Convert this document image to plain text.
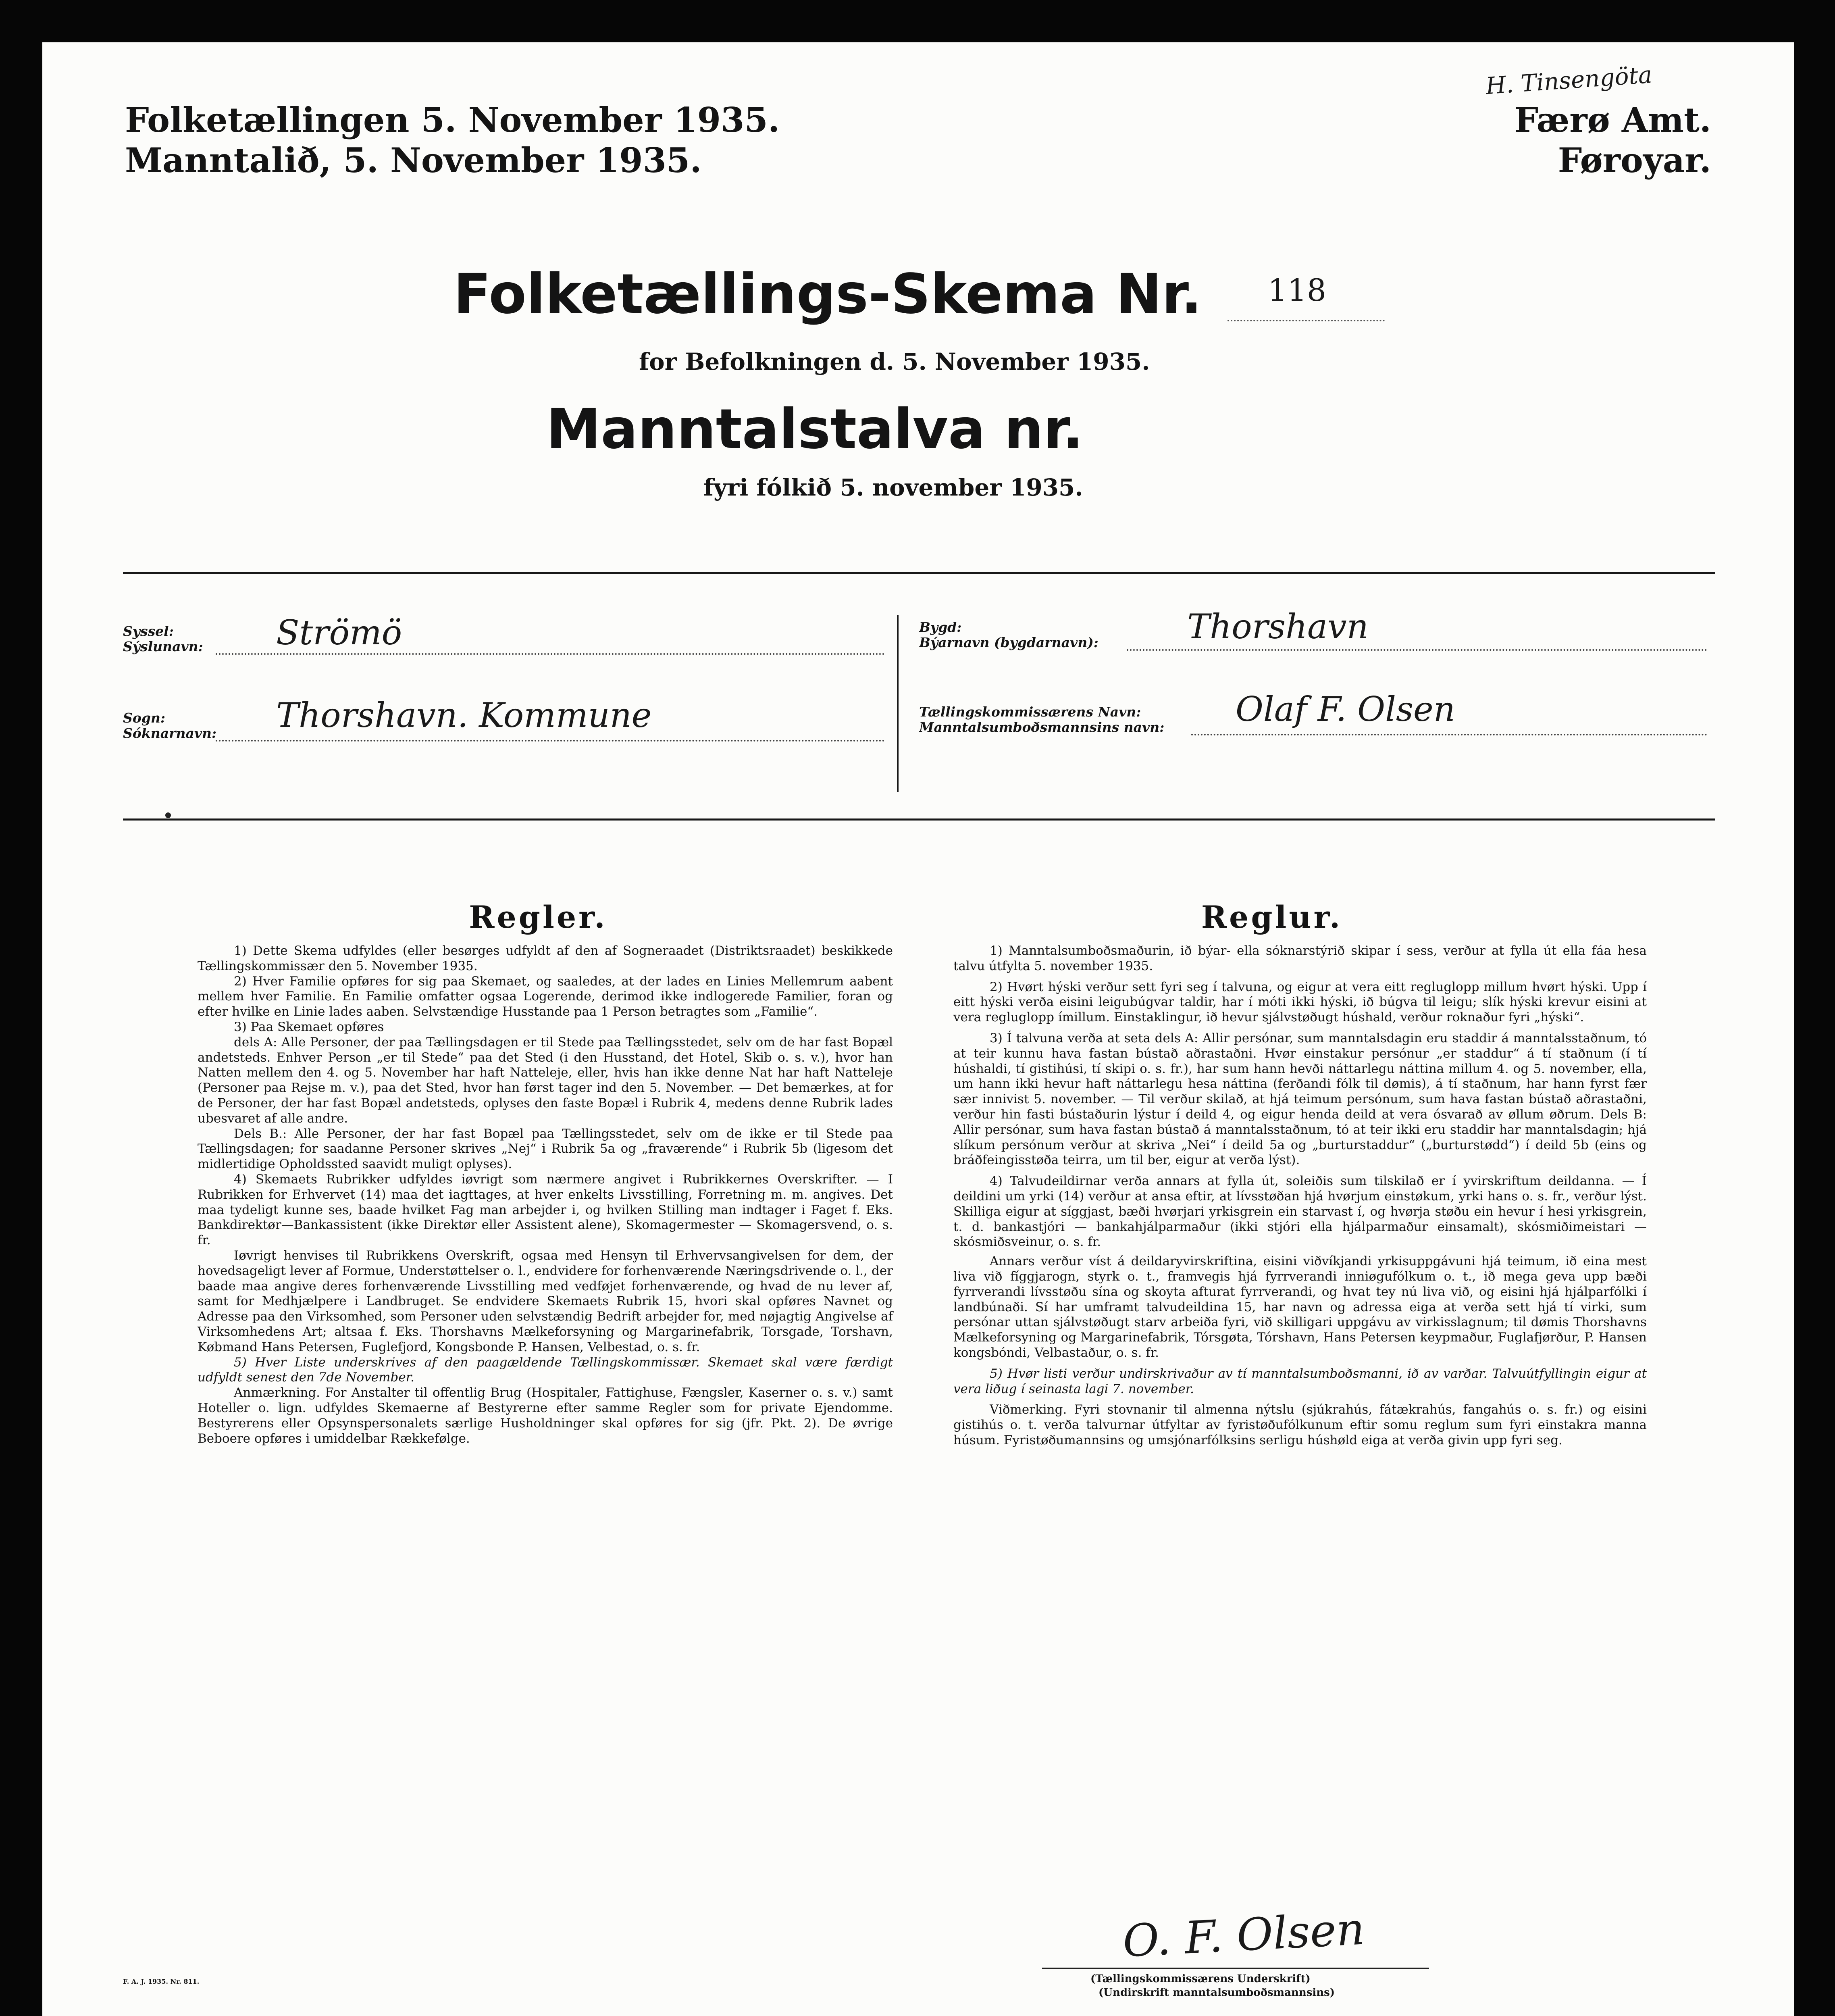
Folketællingen 5. November 1935.
Manntalið, 5. November 1935.
H. Tinsengöta
Færø Amt.
Føroyar.
Folketællings-Skema Nr. 118
for Befolkningen d. 5. November 1935.
Manntalstalva nr.
fyri fólkið 5. november 1935.
Syssel:
Sýslunavn: Strömö
Sogn:
Sóknarnavn: Thorshavn. Kommune
Bygd:
Býarnavn (bygdarnavn):	Thorshavn
Tællingskommissærens Navn:
Manntalsumboðsmannsins navn: Olaf F. Olsen
Regler.	Reglur.

1) Dette Skema udfyldes (eller besørges udfyldt af den af Sogneraadet (Distriktsraadet) beskikkede Tællingskommissær den 5. November 1935.

2) Hver Familie opføres for sig paa Skemaet, og saaledes, at der lades en Linies Mellemrum aabent mellem hver Familie. En Familie omfatter ogsaa Logerende, derimod ikke indlogerede Familier, foran og efter hvilke en Linie lades aaben. Selvstændige Husstande paa 1 Person betragtes som „Familie“.

3) Paa Skemaet opføres

dels A: Alle Personer, der paa Tællingsdagen er til Stede paa Tællingsstedet, selv om de har fast Bopæl andetsteds. Enhver Person „er til Stede“ paa det Sted (i den Husstand, det Hotel, Skib o. s. v.), hvor han Natten mellem den 4. og 5. November har haft Natteleje, eller, hvis han ikke denne Nat har haft Natteleje (Personer paa Rejse m. v.), paa det Sted, hvor han først tager ind den 5. November. — Det bemærkes, at for de Personer, der har fast Bopæl andetsteds, oplyses den faste Bopæl i Rubrik 4, medens denne Rubrik lades ubesvaret af alle andre.

Dels B.: Alle Personer, der har fast Bopæl paa Tællingsstedet, selv om de ikke er til Stede paa Tællingsdagen; for saadanne Personer skrives „Nej“ i Rubrik 5a og „fraværende“ i Rubrik 5b (ligesom det midlertidige Opholdssted saavidt muligt oplyses).

4) Skemaets Rubrikker udfyldes iøvrigt som nærmere angivet i Rubrikkernes Overskrifter. — I Rubrikken for Erhvervet (14) maa det iagttages, at hver enkelts Livsstilling, Forretning m. m. angives. Det maa tydeligt kunne ses, baade hvilket Fag man arbejder i, og hvilken Stilling man indtager i Faget f. Eks. Bankdirektør—Bankassistent (ikke Direktør eller Assistent alene), Skomagermester — Skomagersvend, o. s. fr.

Iøvrigt henvises til Rubrikkens Overskrift, ogsaa med Hensyn til Erhvervsangivelsen for dem, der hovedsageligt lever af Formue, Understøttelser o. l., endvidere for forhenværende Næringsdrivende o. l., der baade maa angive deres forhenværende Livsstilling med vedføjet forhenværende, og hvad de nu lever af, samt for Medhjælpere i Landbruget. Se endvidere Skemaets Rubrik 15, hvori skal opføres Navnet og Adresse paa den Virksomhed, som Personer uden selvstændig Bedrift arbejder for, med nøjagtig Angivelse af Virksomhedens Art; altsaa f. Eks. Thorshavns Mælkeforsyning og Margarinefabrik, Torsgade, Torshavn, Købmand Hans Petersen, Fuglefjord, Kongsbonde P. Hansen, Velbestad, o. s. fr.

5) Hver Liste underskrives af den paagældende Tællingskommissær. Skemaet skal være færdigt udfyldt senest den 7de November.

Anmærkning. For Anstalter til offentlig Brug (Hospitaler, Fattighuse, Fængsler, Kaserner o. s. v.) samt Hoteller o. lign. udfyldes Skemaerne af Bestyrerne efter samme Regler som for private Ejendomme. Bestyrerens eller Opsynspersonalets særlige Husholdninger skal opføres for sig (jfr. Pkt. 2). De øvrige Beboere opføres i umiddelbar Rækkefølge.

1) Manntalsumboðsmaðurin, ið býar- ella sóknarstýrið skipar í sess, verður at fylla út ella fáa hesa talvu útfylta 5. november 1935.

2) Hvørt hýski verður sett fyri seg í talvuna, og eigur at vera eitt regluglopp millum hvørt hýski. Upp í eitt hýski verða eisini leigubúgvar taldir, har í móti ikki hýski, ið búgva til leigu; slík hýski krevur eisini at vera regluglopp ímillum. Einstaklingur, ið hevur sjálvstøðugt húshald, verður roknaður fyri „hýski“.

3) Í talvuna verða at seta dels A: Allir persónar, sum manntalsdagin eru staddir á manntalsstaðnum, tó at teir kunnu hava fastan bústað aðrastaðni. Hvør einstakur persónur „er staddur“ á tí staðnum (í tí húshaldi, tí gistihúsi, tí skipi o. s. fr.), har sum hann hevði náttarlegu náttina millum 4. og 5. november, ella, um hann ikki hevur haft náttarlegu hesa náttina (ferðandi fólk til dømis), á tí staðnum, har hann fyrst fær sær innivist 5. november. — Til verður skilað, at hjá teimum persónum, sum hava fastan bústað aðrastaðni, verður hin fasti bústaðurin lýstur í deild 4, og eigur henda deild at vera ósvarað av øllum øðrum. Dels B: Allir persónar, sum hava fastan bústað á manntalsstaðnum, tó at teir ikki eru staddir har manntalsdagin; hjá slíkum persónum verður at skriva „Nei“ í deild 5a og „burturstaddur“ („burturstødd“) í deild 5b (eins og bráðfeingisstøða teirra, um til ber, eigur at verða lýst).

4) Talvudeildirnar verða annars at fylla út, soleiðis sum tilskilað er í yvirskriftum deildanna. — Í deildini um yrki (14) verður at ansa eftir, at lívsstøðan hjá hvørjum einstøkum, yrki hans o. s. fr., verður lýst. Skilliga eigur at síggjast, bæði hvørjari yrkisgrein ein starvast í, og hvørja støðu ein hevur í hesi yrkisgrein, t. d. bankastjóri — bankahjálparmaður (ikki stjóri ella hjálparmaður einsamalt), skósmiðimeistari — skósmiðsveinur, o. s. fr.

Annars verður víst á deildaryvirskriftina, eisini viðvíkjandi yrkisuppgávuni hjá teimum, ið eina mest liva við fíggjarogn, styrk o. t., framvegis hjá fyrrverandi inniøgufólkum o. t., ið mega geva upp bæði fyrrverandi lívsstøðu sína og skoyta afturat fyrrverandi, og hvat tey nú liva við, og eisini hjá hjálparfólki í landbúnaði. Sí har umframt talvudeildina 15, har navn og adressa eiga at verða sett hjá tí virki, sum persónar uttan sjálvstøðugt starv arbeiða fyri, við skilligari uppgávu av virkisslagnum; til dømis Thorshavns Mælkeforsyning og Margarinefabrik, Tórsgøta, Tórshavn, Hans Petersen keypmaður, Fuglafjørður, P. Hansen kongsbóndi, Velbastaður, o. s. fr.

5) Hvør listi verður undirskrivaður av tí manntalsumboðsmanni, ið av varðar. Talvuútfyllingin eigur at vera liðug í seinasta lagi 7. november.

Viðmerking. Fyri stovnanir til almenna nýtslu (sjúkrahús, fátækrahús, fangahús o. s. fr.) og eisini gistihús o. t. verða talvurnar útfyltar av fyristøðufólkunum eftir somu reglum sum fyri einstakra manna húsum. Fyristøðumannsins og umsjónarfólksins serligu húshøld eiga at verða givin upp fyri seg.

O. F. Olsen
(Tællingskommissærens Underskrift)
(Undirskrift manntalsumboðsmannsins)
F. A. J. 1935. Nr. 811.
